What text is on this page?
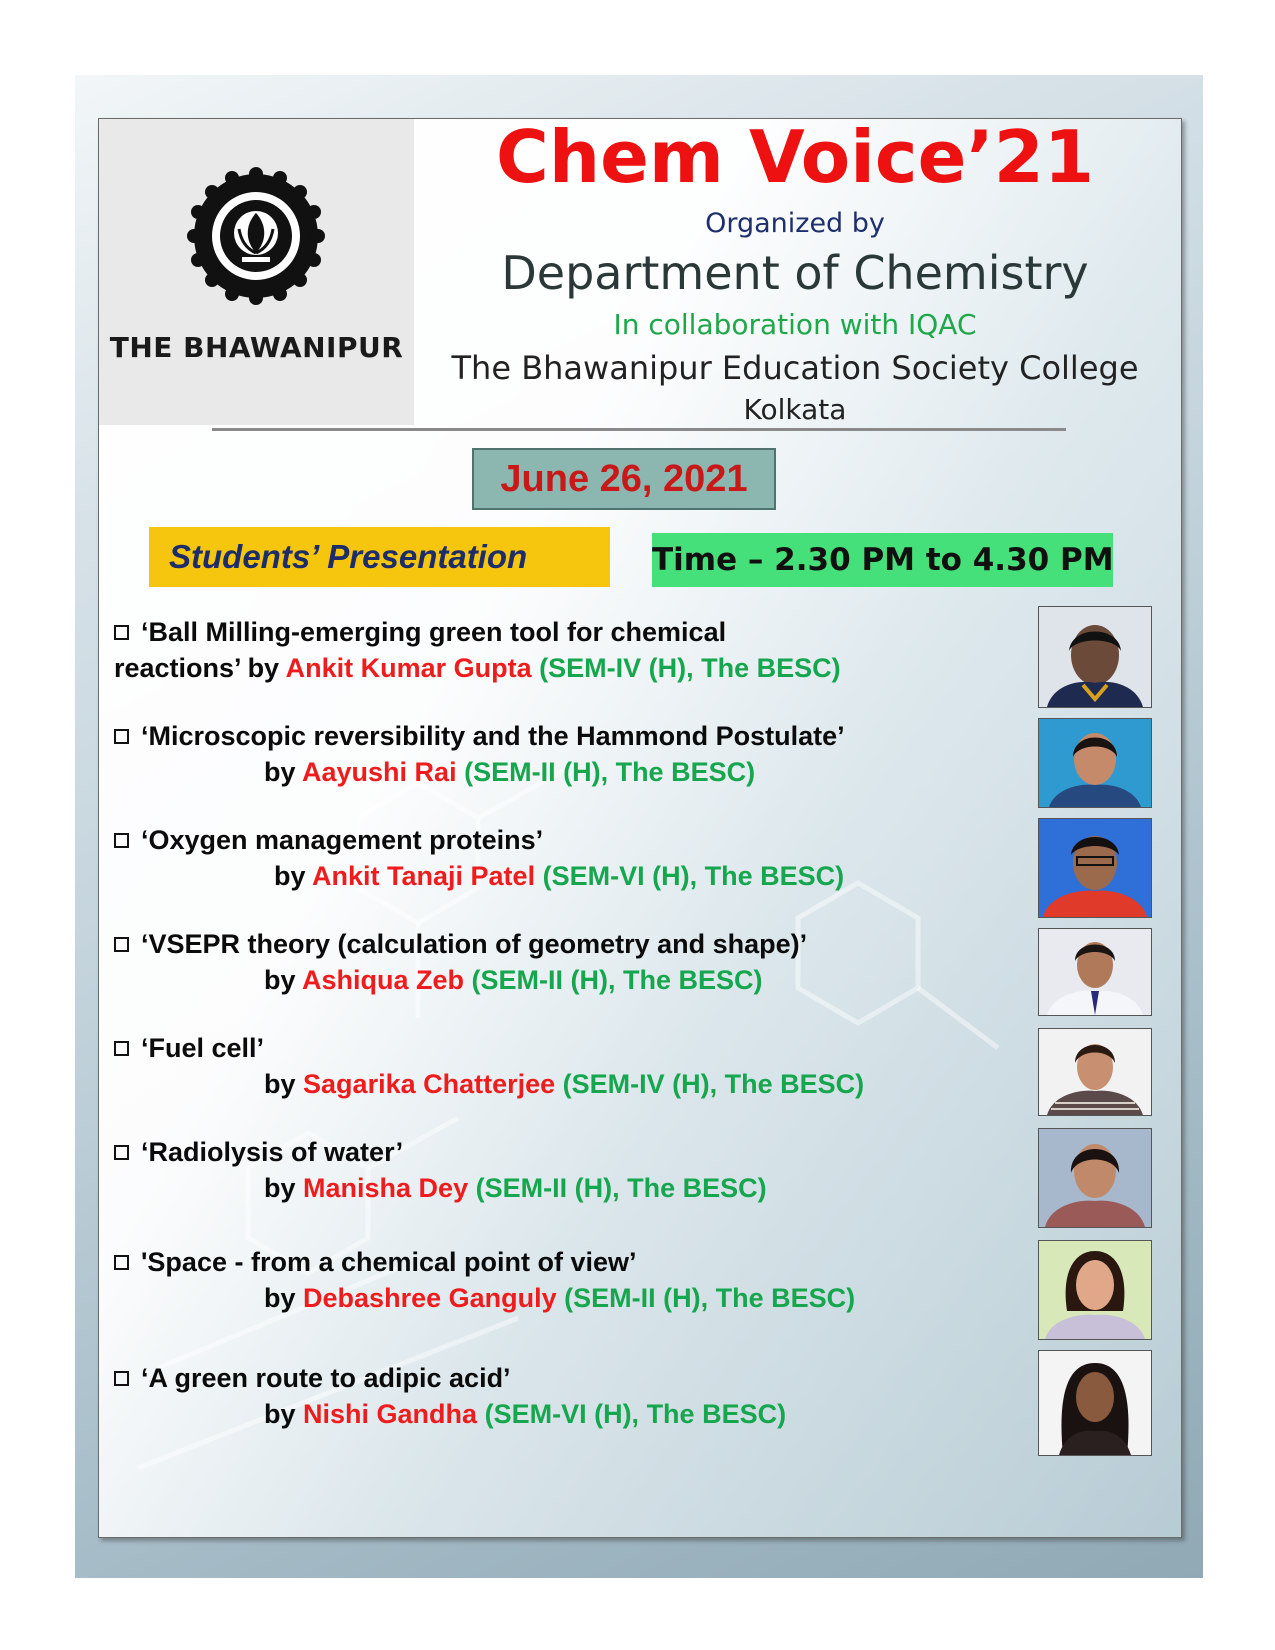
THE BHAWANIPUR
Chem Voice’21
Organized by
Department of Chemistry
In collaboration with IQAC
The Bhawanipur Education Society College
Kolkata
June 26, 2021
Students’ Presentation	Time – 2.30 PM to 4.30 PM
‘Ball Milling-emerging green tool for chemical
reactions’ by Ankit Kumar Gupta (SEM-IV (H), The BESC)
‘Microscopic reversibility and the Hammond Postulate’
by Aayushi Rai (SEM-II (H), The BESC)
‘Oxygen management proteins’
by Ankit Tanaji Patel (SEM-VI (H), The BESC)
‘VSEPR theory (calculation of geometry and shape)’
by Ashiqua Zeb (SEM-II (H), The BESC)
‘Fuel cell’
by Sagarika Chatterjee (SEM-IV (H), The BESC)
‘Radiolysis of water’
by Manisha Dey (SEM-II (H), The BESC)
'Space - from a chemical point of view’
by Debashree Ganguly (SEM-II (H), The BESC)
‘A green route to adipic acid’
by Nishi Gandha (SEM-VI (H), The BESC)
